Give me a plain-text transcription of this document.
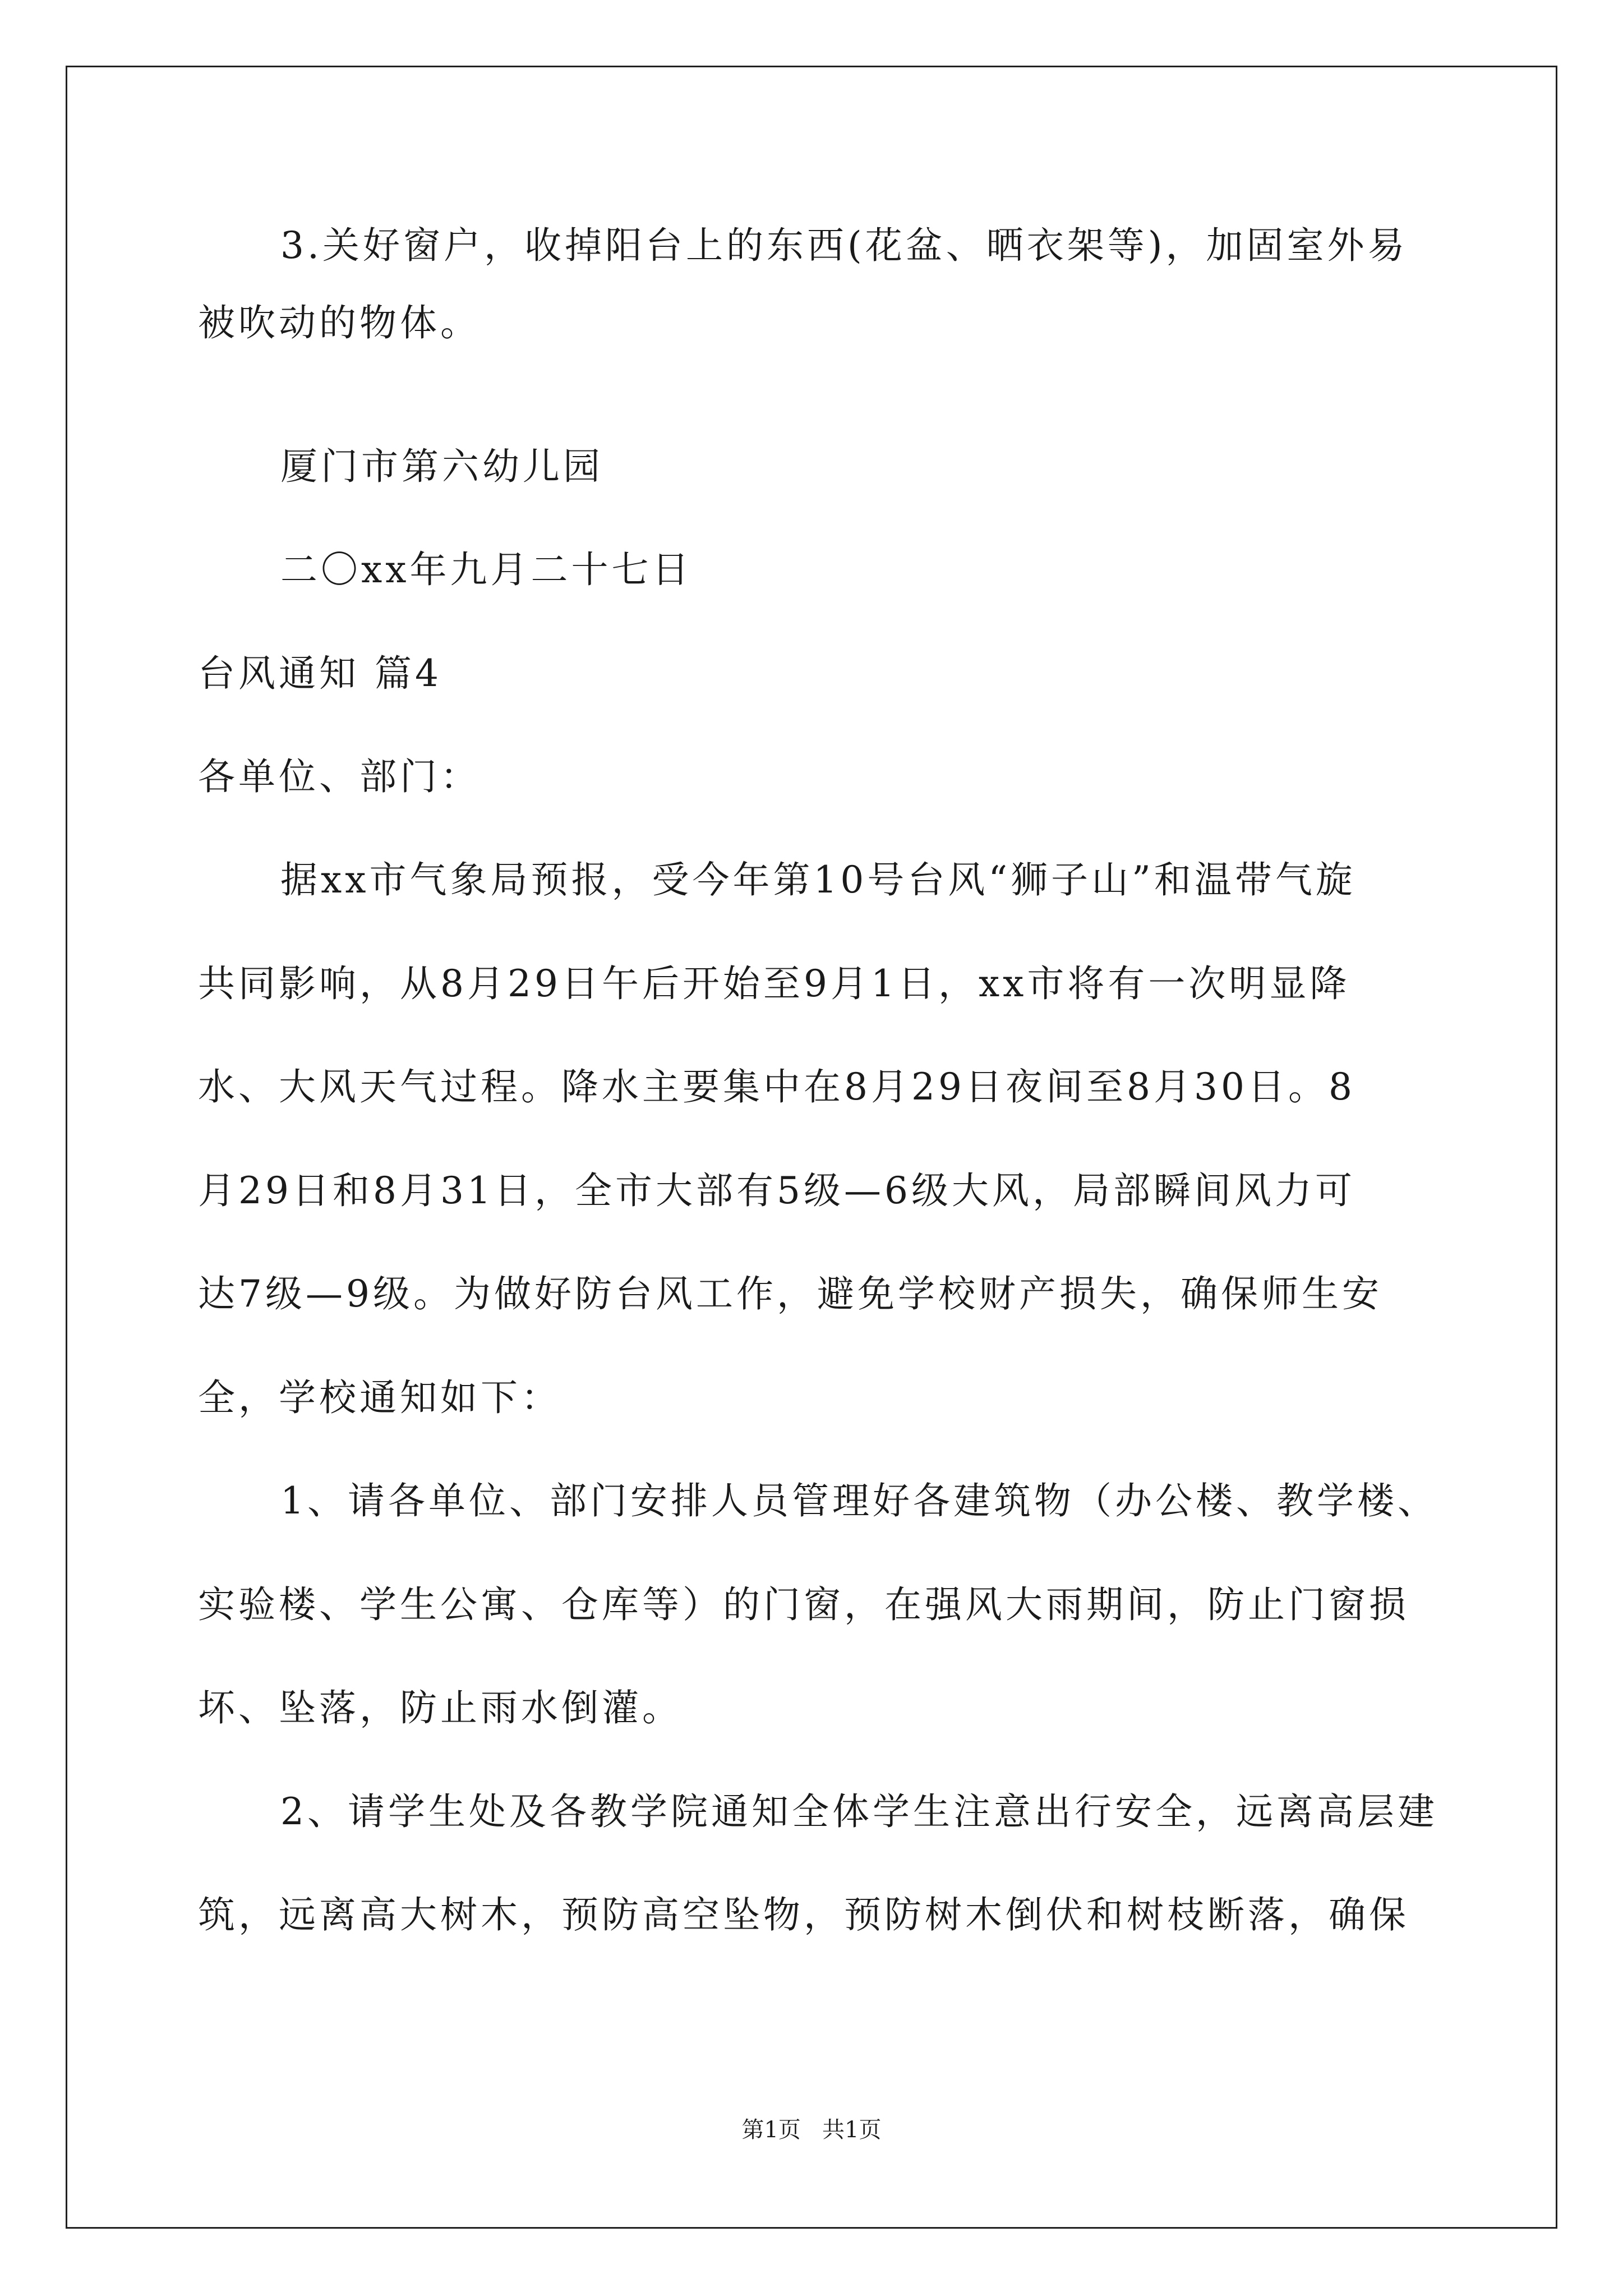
3.关好窗户，收掉阳台上的东西(花盆、晒衣架等)，加固室外易
被吹动的物体。
厦门市第六幼儿园
二〇xx年九月二十七日
台风通知 篇4
各单位、部门：
据xx市气象局预报，受今年第10号台风“狮子山”和温带气旋
共同影响，从8月29日午后开始至9月1日，xx市将有一次明显降
水、大风天气过程。降水主要集中在8月29日夜间至8月30日。8
月29日和8月31日，全市大部有5级—6级大风，局部瞬间风力可
达7级—9级。为做好防台风工作，避免学校财产损失，确保师生安
全，学校通知如下：
1、请各单位、部门安排人员管理好各建筑物（办公楼、教学楼、
实验楼、学生公寓、仓库等）的门窗，在强风大雨期间，防止门窗损
坏、坠落，防止雨水倒灌。
2、请学生处及各教学院通知全体学生注意出行安全，远离高层建
筑，远离高大树木，预防高空坠物，预防树木倒伏和树枝断落，确保
第1页   共1页
